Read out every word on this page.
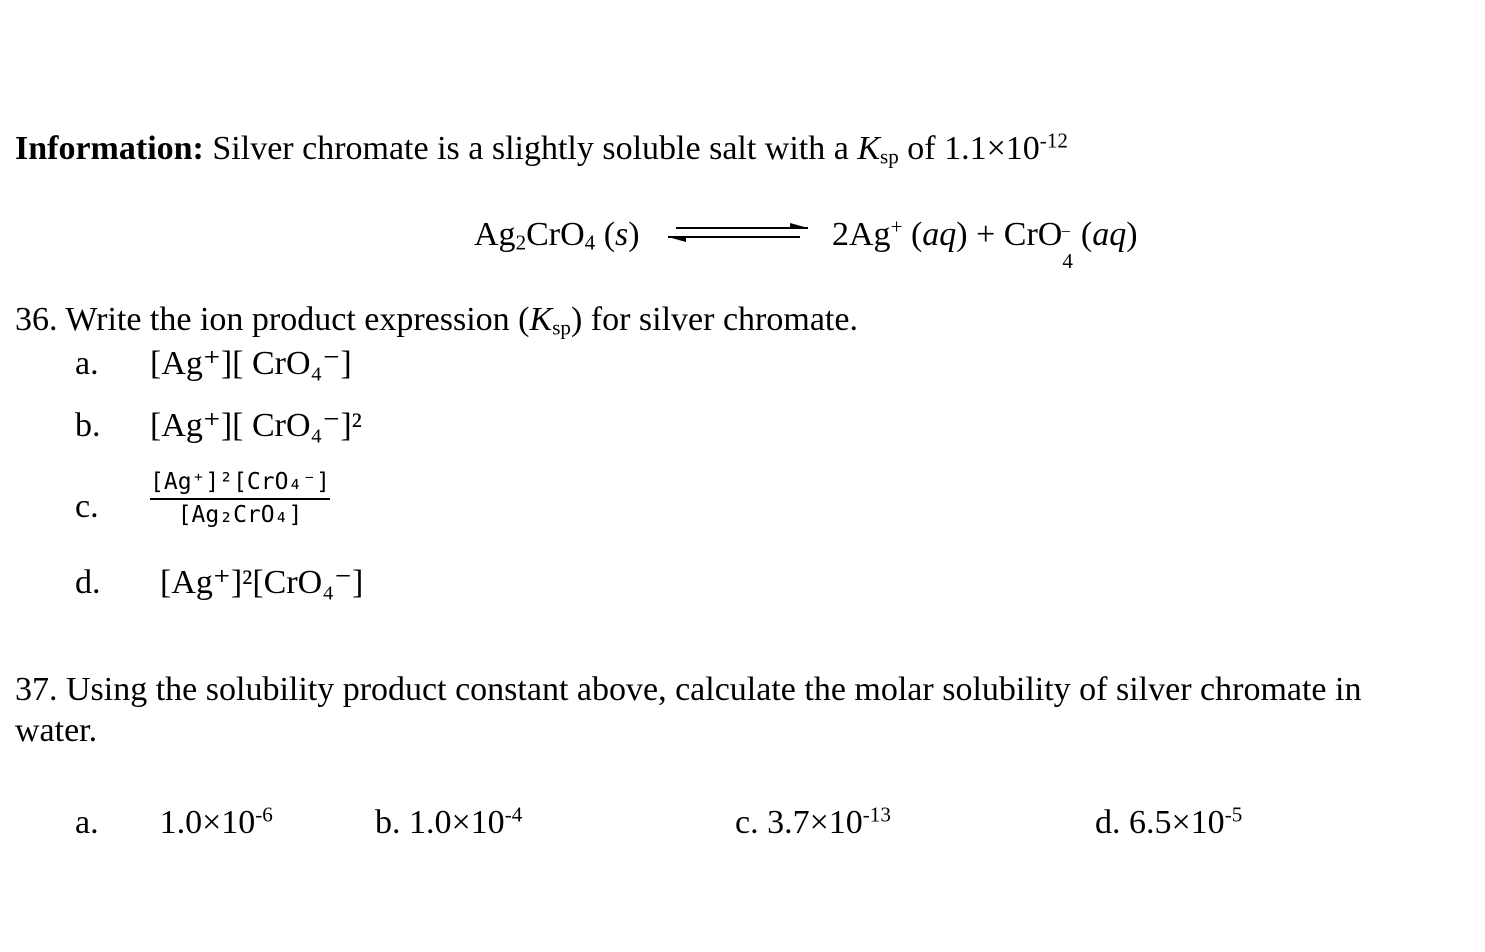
Information: Silver chromate is a slightly soluble salt with a $K_{sp}$ of $1.1\times 10^{-12}$
$Ag_2CrO_4$ (s)	2Ag+ (aq) + CrO ‾
4
(aq)
36. Write the ion product expression $(K_{sp})$ for silver chromate.
a. [Ag⁺][ CrO₄⁻]
b. [Ag⁺][ CrO₄⁻]²
c. $\frac{\text{[Ag⁺]²[CrO₄⁻]}}{\text{[Ag₂CrO₄]}}$
d. [Ag⁺]²[CrO₄⁻]
37. Using the solubility product constant above, calculate the molar solubility of silver chromate in
water.
a. $1.0\times 10^{-6}$	b. $1.0\times 10^{-4}$	c. $3.7\times 10^{-13}$	d. $6.5\times 10^{-5}$
